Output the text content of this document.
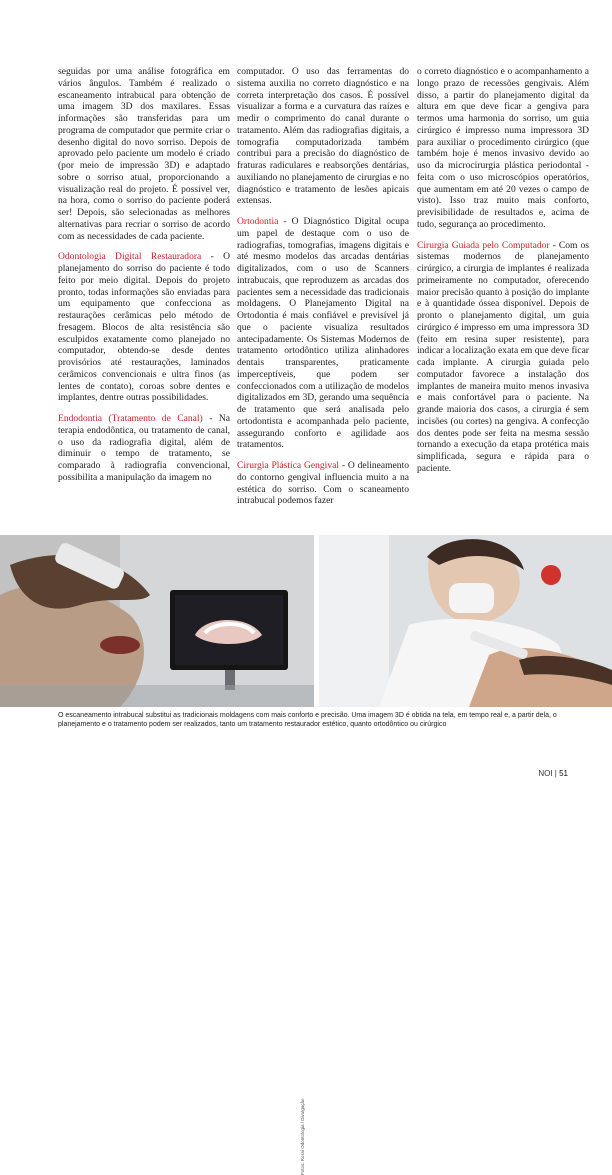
seguidas por uma análise fotográfica em vários ângulos. Também é realizado o escaneamento intrabucal para obtenção de uma imagem 3D dos maxilares. Essas informações são transferidas para um programa de computador que permite criar o desenho digital do novo sorriso. Depois de aprovado pelo paciente um modelo é criado (por meio de impressão 3D) e adaptado sobre o sorriso atual, proporcionando a visualização real do projeto. É possível ver, na hora, como o sorriso do paciente poderá ser! Depois, são selecionadas as melhores alternativas para recriar o sorriso de acordo com as necessidades de cada paciente.

Odontologia Digital Restauradora - O planejamento do sorriso do paciente é todo feito por meio digital. Depois do projeto pronto, todas informações são enviadas para um equipamento que confecciona as restaurações cerâmicas pelo método de fresagem. Blocos de alta resistência são esculpidos exatamente como planejado no computador, obtendo-se desde dentes provisórios até restaurações, laminados cerâmicos convencionais e ultra finos (as lentes de contato), coroas sobre dentes e implantes, dentre outras possibilidades.

Endodontia (Tratamento de Canal) - Na terapia endodôntica, ou tratamento de canal, o uso da radiografia digital, além de diminuir o tempo de tratamento, se comparado à radiografia convencional, possibilita a manipulação da imagem no

computador. O uso das ferramentas do sistema auxilia no correto diagnóstico e na correta interpretação dos casos. É possível visualizar a forma e a curvatura das raízes e medir o comprimento do canal durante o tratamento. Além das radiografias digitais, a tomografia computadorizada também contribui para a precisão do diagnóstico de fraturas radiculares e reabsorções dentárias, auxiliando no planejamento de cirurgias e no diagnóstico e tratamento de lesões apicais extensas.

Ortodontia - O Diagnóstico Digital ocupa um papel de destaque com o uso de radiografias, tomografias, imagens digitais e até mesmo modelos das arcadas dentárias digitalizados, com o uso de Scanners intrabucais, que reproduzem as arcadas dos pacientes sem a necessidade das tradicionais moldagens. O Planejamento Digital na Ortodontia é mais confiável e previsível já que o paciente visualiza resultados antecipadamente. Os Sistemas Modernos de tratamento ortodôntico utiliza alinhadores dentais transparentes, praticamente imperceptíveis, que podem ser confeccionados com a utilização de modelos digitalizados em 3D, gerando uma sequência de tratamento que será analisada pelo ortodontista e acompanhada pelo paciente, assegurando conforto e agilidade aos tratamentos.

Cirurgia Plástica Gengival - O delineamento do contorno gengival influencia muito a na estética do sorriso. Com o scaneamento intrabucal podemos fazer

o correto diagnóstico e o acompanhamento a longo prazo de recessões gengivais. Além disso, a partir do planejamento digital da altura em que deve ficar a gengiva para termos uma harmonia do sorriso, um guia cirúrgico é impresso numa impressora 3D para auxiliar o procedimento cirúrgico (que também hoje é menos invasivo devido ao uso da microcirurgia plástica periodontal - feita com o uso microscópios operatórios, que aumentam em até 20 vezes o campo de visto). Isso traz muito mais conforto, previsibilidade de resultados e, acima de tudo, segurança ao procedimento.

Cirurgia Guiada pelo Computador - Com os sistemas modernos de planejamento cirúrgico, a cirurgia de implantes é realizada primeiramente no computador, oferecendo maior precisão quanto à posição do implante e à quantidade óssea disponível. Depois de pronto o planejamento digital, um guia cirúrgico é impresso em uma impressora 3D (feito em resina super resistente), para indicar a localização exata em que deve ficar cada implante. A cirurgia guiada pelo computador favorece a instalação dos implantes de maneira muito menos invasiva e mais confortável para o paciente. Na grande maioria dos casos, a cirurgia é sem incisões (ou cortes) na gengiva. A confecção dos dentes pode ser feita na mesma sessão tornando a execução da etapa protética mais simplificada, segura e rápida para o paciente.

Fotos: Rossi Odontologia / Divulgação
O escaneamento intrabucal substitui as tradicionais moldagens com mais conforto e precisão. Uma imagem 3D é obtida na tela, em tempo real e, a partir dela, o planejamento e o tratamento podem ser realizados, tanto um tratamento restaurador estético, quanto ortodôntico ou cirúrgico
NOI | 51
